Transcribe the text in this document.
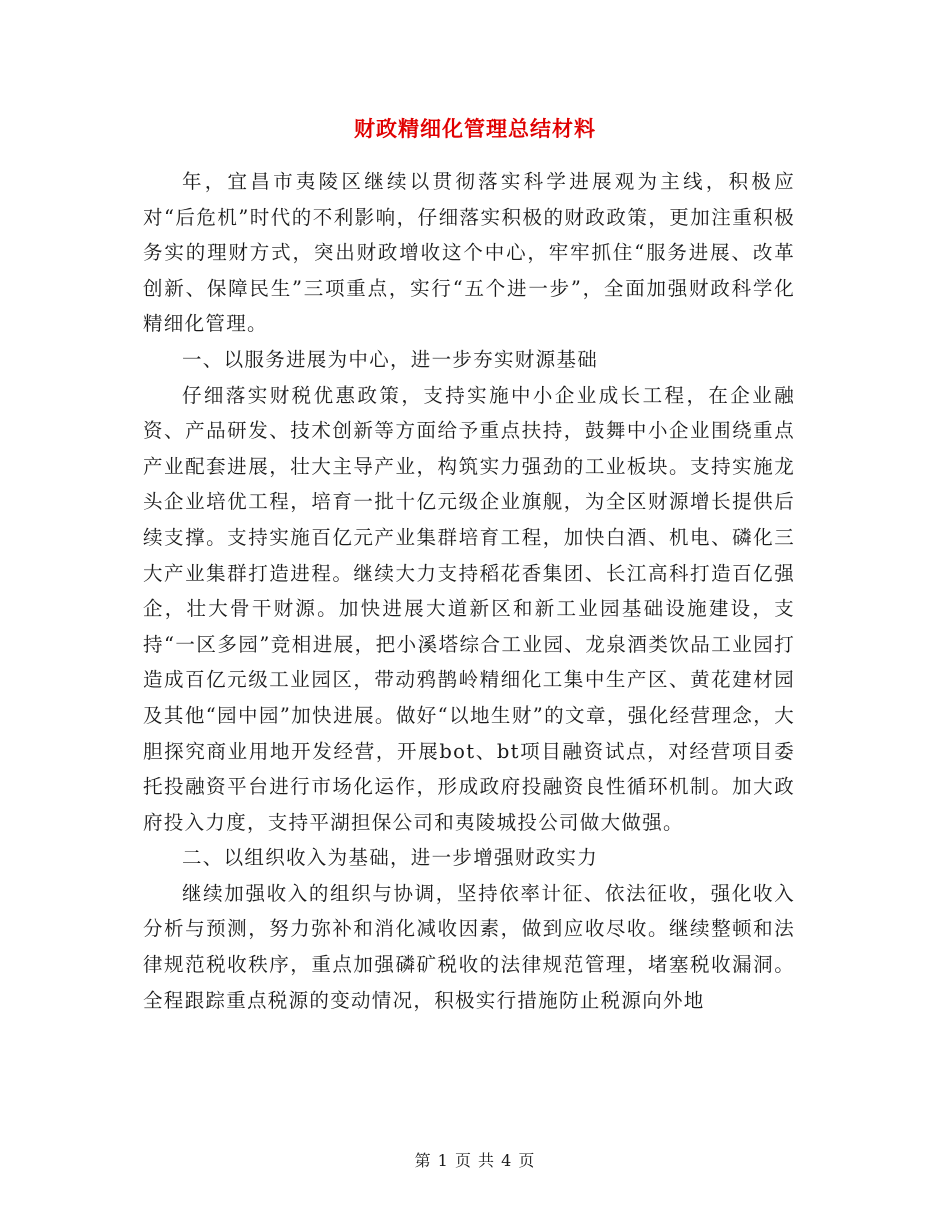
财政精细化管理总结材料

年，宜昌市夷陵区继续以贯彻落实科学进展观为主线，积极应对“后危机”时代的不利影响，仔细落实积极的财政政策，更加注重积极务实的理财方式，突出财政增收这个中心，牢牢抓住“服务进展、改革创新、保障民生”三项重点，实行“五个进一步”，全面加强财政科学化精细化管理。

一、以服务进展为中心，进一步夯实财源基础

仔细落实财税优惠政策，支持实施中小企业成长工程，在企业融资、产品研发、技术创新等方面给予重点扶持，鼓舞中小企业围绕重点产业配套进展，壮大主导产业，构筑实力强劲的工业板块。支持实施龙头企业培优工程，培育一批十亿元级企业旗舰，为全区财源增长提供后续支撑。支持实施百亿元产业集群培育工程，加快白酒、机电、磷化三大产业集群打造进程。继续大力支持稻花香集团、长江高科打造百亿强企，壮大骨干财源。加快进展大道新区和新工业园基础设施建设，支持“一区多园”竞相进展，把小溪塔综合工业园、龙泉酒类饮品工业园打造成百亿元级工业园区，带动鸦鹊岭精细化工集中生产区、黄花建材园及其他“园中园”加快进展。做好“以地生财”的文章，强化经营理念，大胆探究商业用地开发经营，开展bot、bt项目融资试点，对经营项目委托投融资平台进行市场化运作，形成政府投融资良性循环机制。加大政府投入力度，支持平湖担保公司和夷陵城投公司做大做强。

二、以组织收入为基础，进一步增强财政实力

继续加强收入的组织与协调，坚持依率计征、依法征收，强化收入分析与预测，努力弥补和消化减收因素，做到应收尽收。继续整顿和法律规范税收秩序，重点加强磷矿税收的法律规范管理，堵塞税收漏洞。全程跟踪重点税源的变动情况，积极实行措施防止税源向外地

第 1 页 共 4 页
